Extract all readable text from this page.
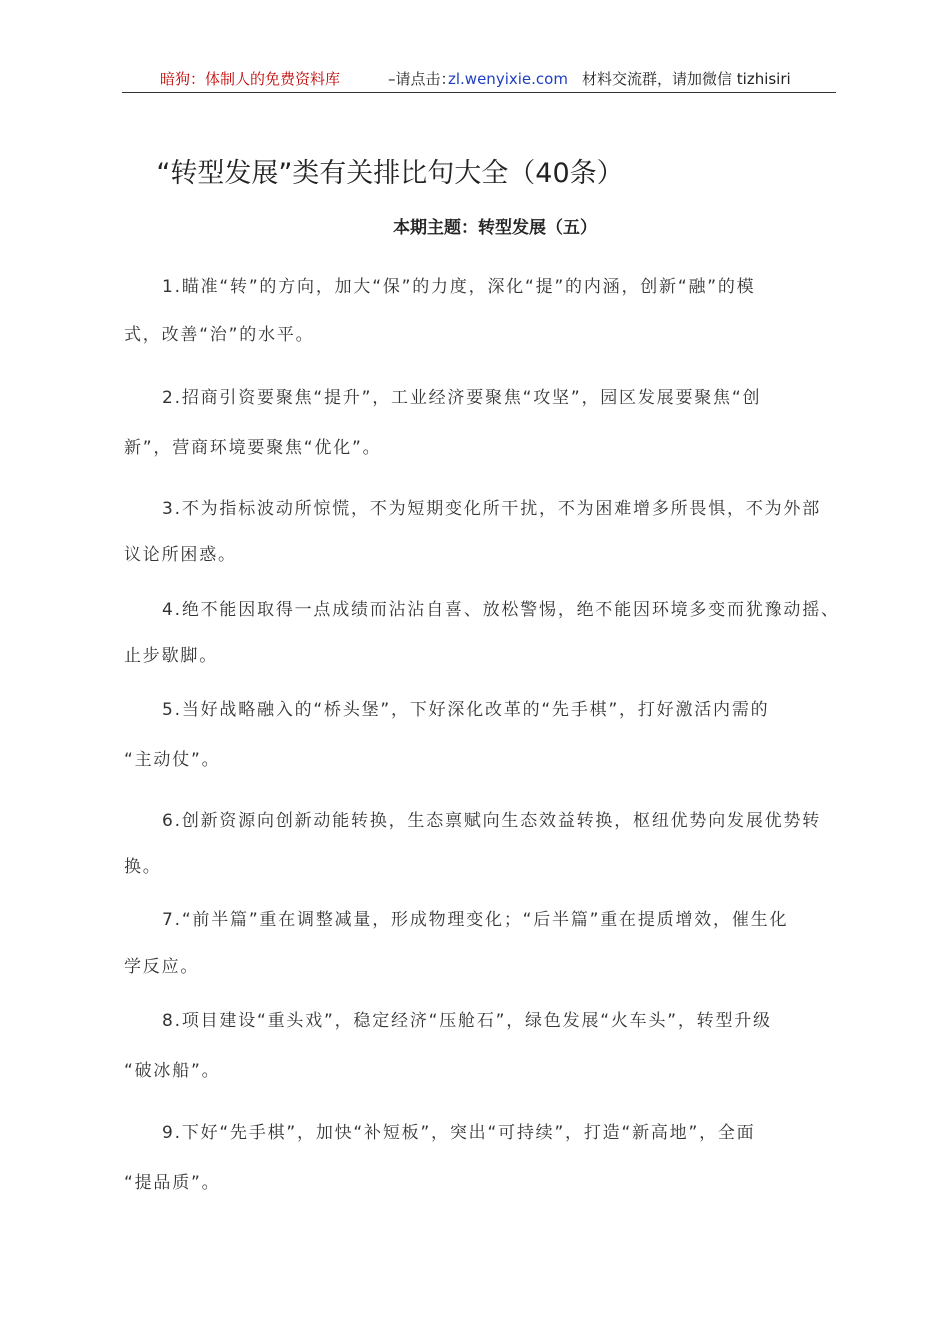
暗狗：体制人的免费资料库	–请点击：
zl.wenyixie.com 材料交流群，请加微信 tizhisiri
“转型发展”类有关排比句大全（40条）
本期主题：转型发展（五）
1.瞄准“转”的方向，加大“保”的力度，深化“提”的内涵，创新“融”的模
式，改善“治”的水平。
2.招商引资要聚焦“提升”，工业经济要聚焦“攻坚”，园区发展要聚焦“创
新”，营商环境要聚焦“优化”。
3.不为指标波动所惊慌，不为短期变化所干扰，不为困难增多所畏惧，不为外部
议论所困惑。
4.绝不能因取得一点成绩而沾沾自喜、放松警惕，绝不能因环境多变而犹豫动摇、
止步歇脚。
5.当好战略融入的“桥头堡”，下好深化改革的“先手棋”，打好激活内需的
“主动仗”。
6.创新资源向创新动能转换，生态禀赋向生态效益转换，枢纽优势向发展优势转
换。
7.“前半篇”重在调整减量，形成物理变化；“后半篇”重在提质增效，催生化
学反应。
8.项目建设“重头戏”，稳定经济“压舱石”，绿色发展“火车头”，转型升级
“破冰船”。
9.下好“先手棋”，加快“补短板”，突出“可持续”，打造“新高地”，全面
“提品质”。
